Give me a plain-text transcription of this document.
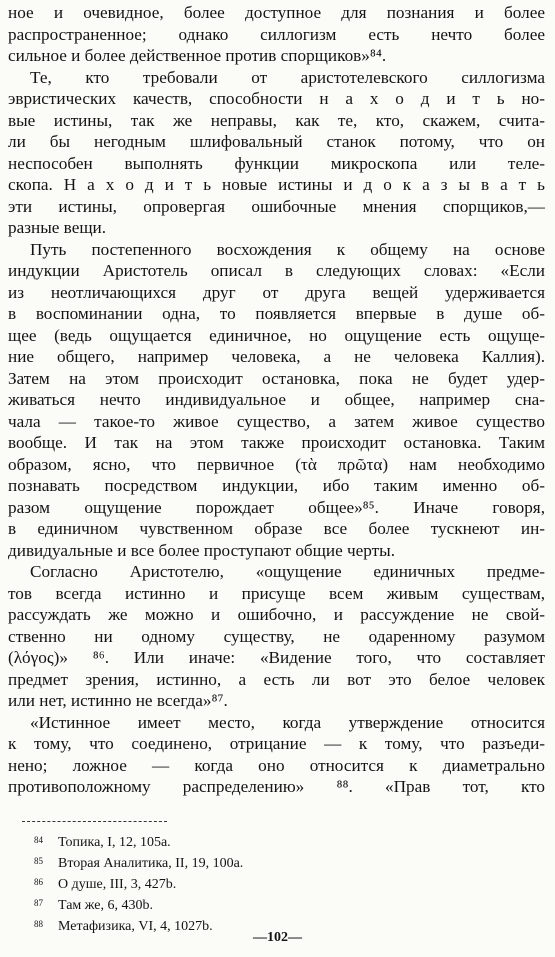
ное и очевидное, более доступное для познания и более
распространенное; однако силлогизм есть нечто более
сильное и более действенное против спорщиков»⁸⁴.
Те, кто требовали от аристотелевского силлогизма
эвристических качеств, способности н а х о д и т ь но-
вые истины, так же неправы, как те, кто, скажем, счита-
ли бы негодным шлифовальный станок потому, что он
неспособен выполнять функции микроскопа или теле-
скопа. Н а х о д и т ь новые истины и д о к а з ы в а т ь
эти истины, опровергая ошибочные мнения спорщиков,—
разные вещи.
Путь постепенного восхождения к общему на основе
индукции Аристотель описал в следующих словах: «Если
из неотличающихся друг от друга вещей удерживается
в воспоминании одна, то появляется впервые в душе об-
щее (ведь ощущается единичное, но ощущение есть ощуще-
ние общего, например человека, а не человека Каллия).
Затем на этом происходит остановка, пока не будет удер-
живаться нечто индивидуальное и общее, например сна-
чала — такое-то живое существо, а затем живое существо
вообще. И так на этом также происходит остановка. Таким
образом, ясно, что первичное (τὰ πρῶτα) нам необходимо
познавать посредством индукции, ибо таким именно об-
разом ощущение порождает общее»⁸⁵. Иначе говоря,
в единичном чувственном образе все более тускнеют ин-
дивидуальные и все более проступают общие черты.
Согласно Аристотелю, «ощущение единичных предме-
тов всегда истинно и присуще всем живым существам,
рассуждать же можно и ошибочно, и рассуждение не свой-
ственно ни одному существу, не одаренному разумом
(λόγος)» ⁸⁶. Или иначе: «Видение того, что составляет
предмет зрения, истинно, а есть ли вот это белое человек
или нет, истинно не всегда»⁸⁷.
«Истинное имеет место, когда утверждение относится
к тому, что соединено, отрицание — к тому, что разъеди-
нено; ложное — когда оно относится к диаметрально
противоположному распределению» ⁸⁸. «Прав тот, кто
84 Топика, I, 12, 105а.
85 Вторая Аналитика, II, 19, 100а.
86 О душе, III, 3, 427b.
87 Там же, 6, 430b.
88 Метафизика, VI, 4, 1027b.
—102—
